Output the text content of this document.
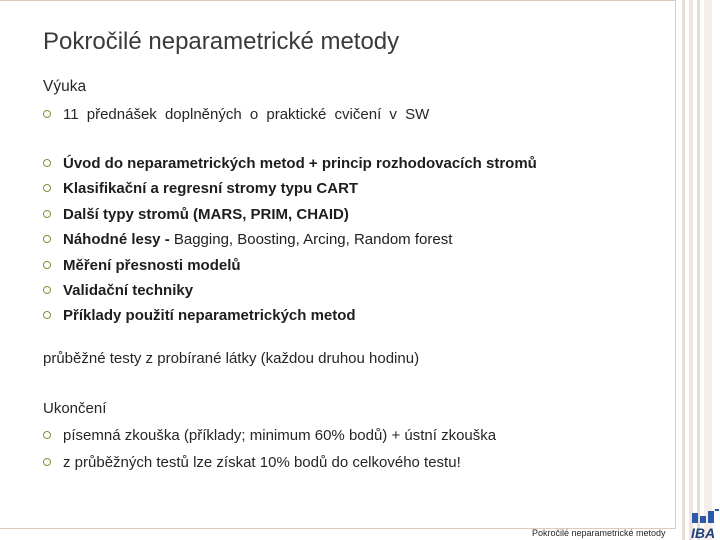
Pokročilé neparametrické metody
Výuka
11 přednášek doplněných o praktické cvičení v SW
Úvod do neparametrických metod + princip rozhodovacích stromů
Klasifikační a regresní stromy typu CART
Další typy stromů (MARS, PRIM, CHAID)
Náhodné lesy - Bagging, Boosting, Arcing, Random forest
Měření přesnosti modelů
Validační techniky
Příklady použití neparametrických metod
průběžné testy z probírané látky (každou druhou hodinu)
Ukončení
písemná zkouška (příklady; minimum 60% bodů) + ústní zkouška
z průběžných testů lze získat 10% bodů do celkového testu!
Pokročilé neparametrické metody IBA
